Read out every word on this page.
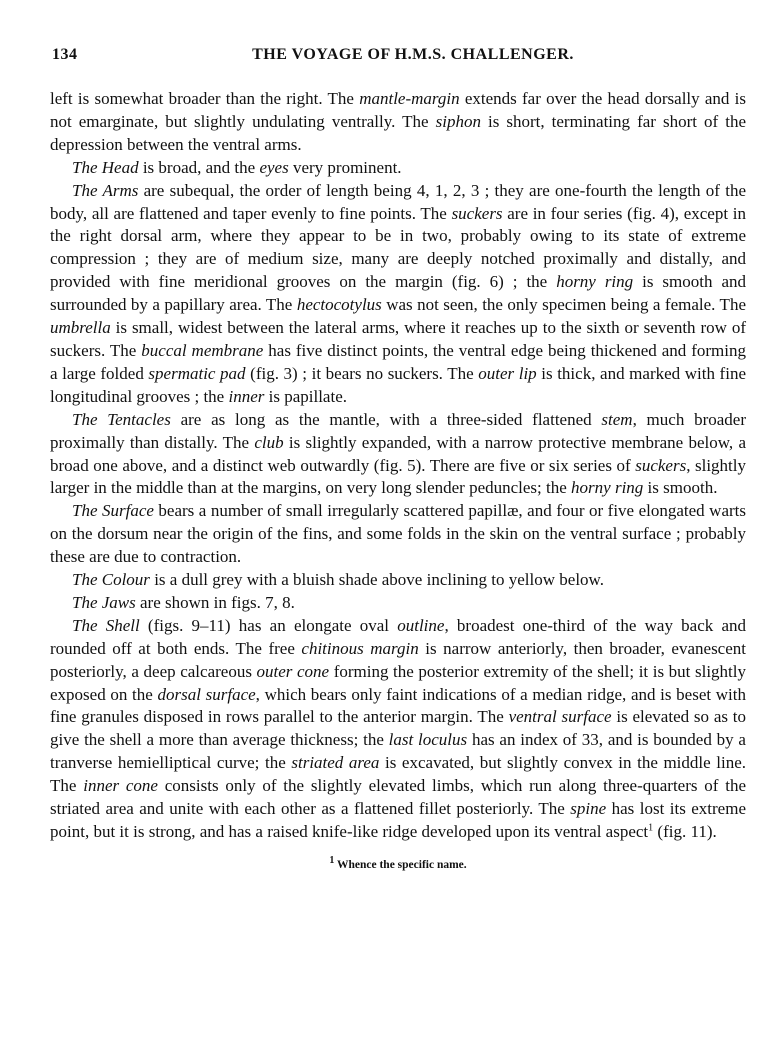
134	THE VOYAGE OF H.M.S. CHALLENGER.

left is somewhat broader than the right. The mantle-margin extends far over the head dorsally and is not emarginate, but slightly undulating ventrally. The siphon is short, terminating far short of the depression between the ventral arms.

The Head is broad, and the eyes very prominent.

The Arms are subequal, the order of length being 4, 1, 2, 3 ; they are one-fourth the length of the body, all are flattened and taper evenly to fine points. The suckers are in four series (fig. 4), except in the right dorsal arm, where they appear to be in two, probably owing to its state of extreme compression ; they are of medium size, many are deeply notched proximally and distally, and provided with fine meridional grooves on the margin (fig. 6) ; the horny ring is smooth and surrounded by a papillary area. The hectocotylus was not seen, the only specimen being a female. The umbrella is small, widest between the lateral arms, where it reaches up to the sixth or seventh row of suckers. The buccal membrane has five distinct points, the ventral edge being thickened and forming a large folded spermatic pad (fig. 3) ; it bears no suckers. The outer lip is thick, and marked with fine longitudinal grooves ; the inner is papillate.

The Tentacles are as long as the mantle, with a three-sided flattened stem, much broader proximally than distally. The club is slightly expanded, with a narrow protective membrane below, a broad one above, and a distinct web outwardly (fig. 5). There are five or six series of suckers, slightly larger in the middle than at the margins, on very long slender peduncles; the horny ring is smooth.

The Surface bears a number of small irregularly scattered papillæ, and four or five elongated warts on the dorsum near the origin of the fins, and some folds in the skin on the ventral surface ; probably these are due to contraction.

The Colour is a dull grey with a bluish shade above inclining to yellow below.

The Jaws are shown in figs. 7, 8.

The Shell (figs. 9–11) has an elongate oval outline, broadest one-third of the way back and rounded off at both ends. The free chitinous margin is narrow anteriorly, then broader, evanescent posteriorly, a deep calcareous outer cone forming the posterior extremity of the shell; it is but slightly exposed on the dorsal surface, which bears only faint indications of a median ridge, and is beset with fine granules disposed in rows parallel to the anterior margin. The ventral surface is elevated so as to give the shell a more than average thickness; the last loculus has an index of 33, and is bounded by a tranverse hemielliptical curve; the striated area is excavated, but slightly convex in the middle line. The inner cone consists only of the slightly elevated limbs, which run along three-quarters of the striated area and unite with each other as a flattened fillet posteriorly. The spine has lost its extreme point, but it is strong, and has a raised knife-like ridge developed upon its ventral aspect$^1$ (fig. 11).

$^1$ Whence the specific name.
